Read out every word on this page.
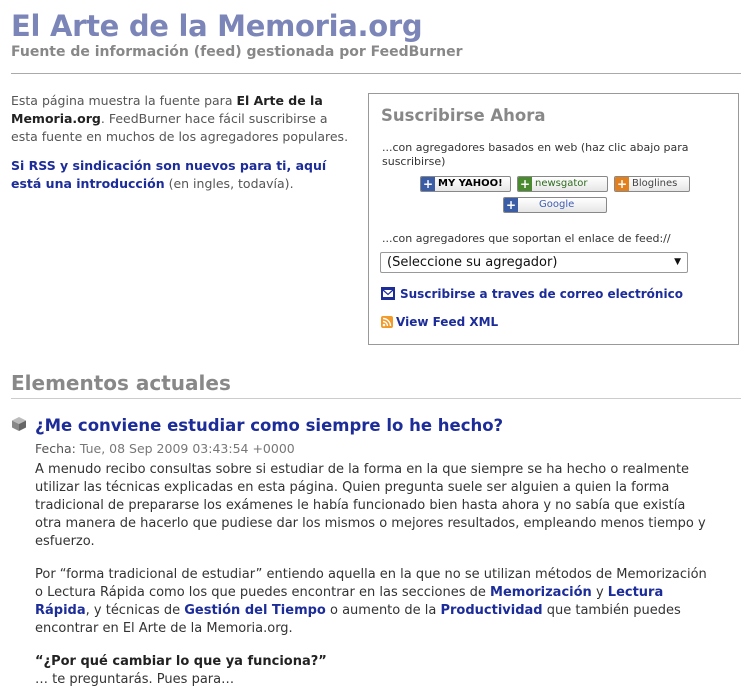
El Arte de la Memoria.org
Fuente de información (feed) gestionada por FeedBurner

Esta página muestra la fuente para El Arte de la Memoria.org. FeedBurner hace fácil suscribirse a esta fuente en muchos de los agregadores populares.

Si RSS y sindicación son nuevos para ti, aquí está una introducción (en ingles, todavía).

Suscribirse Ahora
...con agregadores basados en web (haz clic abajo para suscribirse)
...con agregadores que soportan el enlace de feed://
+ MY YAHOO!	+ newsgator	+ Bloglines
+ Google
(Seleccione su agregador)	▼
Suscribirse a traves de correo electrónico
View Feed XML
Elementos actuales
¿Me conviene estudiar como siempre lo he hecho?
Fecha: Tue, 08 Sep 2009 03:43:54 +0000

A menudo recibo consultas sobre si estudiar de la forma en la que siempre se ha hecho o realmente utilizar las técnicas explicadas en esta página. Quien pregunta suele ser alguien a quien la forma tradicional de prepararse los exámenes le había funcionado bien hasta ahora y no sabía que existía otra manera de hacerlo que pudiese dar los mismos o mejores resultados, empleando menos tiempo y esfuerzo.

Por “forma tradicional de estudiar” entiendo aquella en la que no se utilizan métodos de Memorización o Lectura Rápida como los que puedes encontrar en las secciones de Memorización y Lectura Rápida, y técnicas de Gestión del Tiempo o aumento de la Productividad que también puedes encontrar en El Arte de la Memoria.org.

“¿Por qué cambiar lo que ya funciona?”
… te preguntarás. Pues para…
